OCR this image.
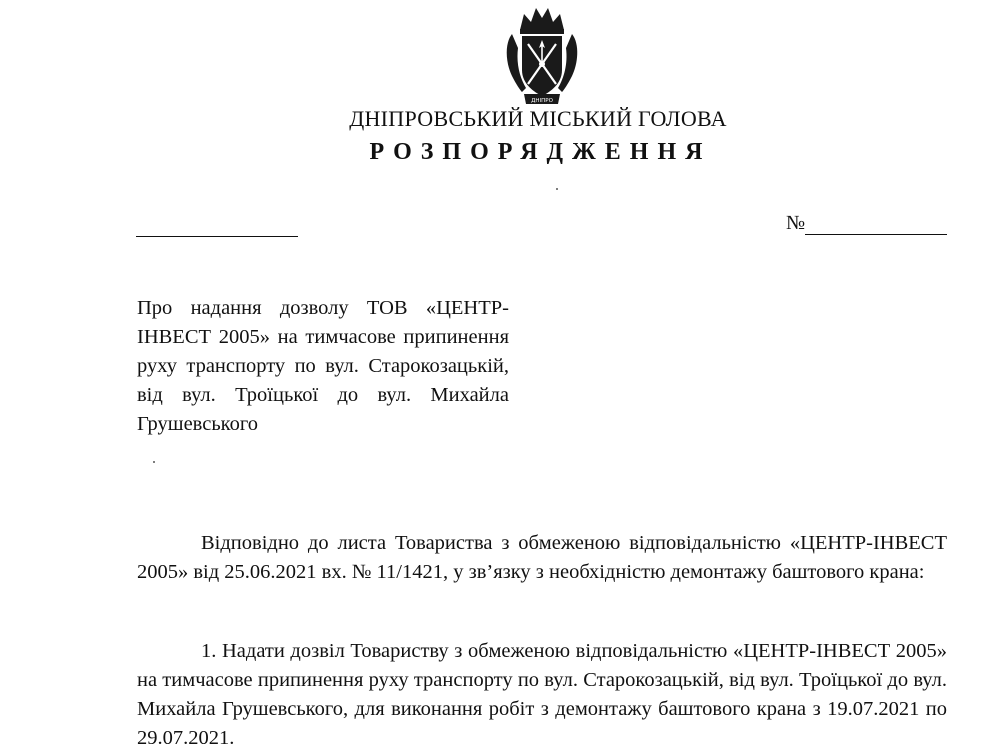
ДНІПРО
ДНІПРОВСЬКИЙ МІСЬКИЙ ГОЛОВА
РОЗПОРЯДЖЕННЯ
№
Про надання дозволу ТОВ «ЦЕНТР-ІНВЕСТ 2005» на тимчасове припинення руху транспорту по вул. Старокозацькій, від вул. Троїцької до вул. Михайла Грушевського
Відповідно до листа Товариства з обмеженою відповідальністю «ЦЕНТР-ІНВЕСТ 2005» від 25.06.2021 вх. № 11/1421, у зв’язку з необхідністю демонтажу баштового крана:
1. Надати дозвіл Товариству з обмеженою відповідальністю «ЦЕНТР-ІНВЕСТ 2005» на тимчасове припинення руху транспорту по вул. Старокозацькій, від вул. Троїцької до вул. Михайла Грушевського, для виконання робіт з демонтажу баштового крана з 19.07.2021 по 29.07.2021.
